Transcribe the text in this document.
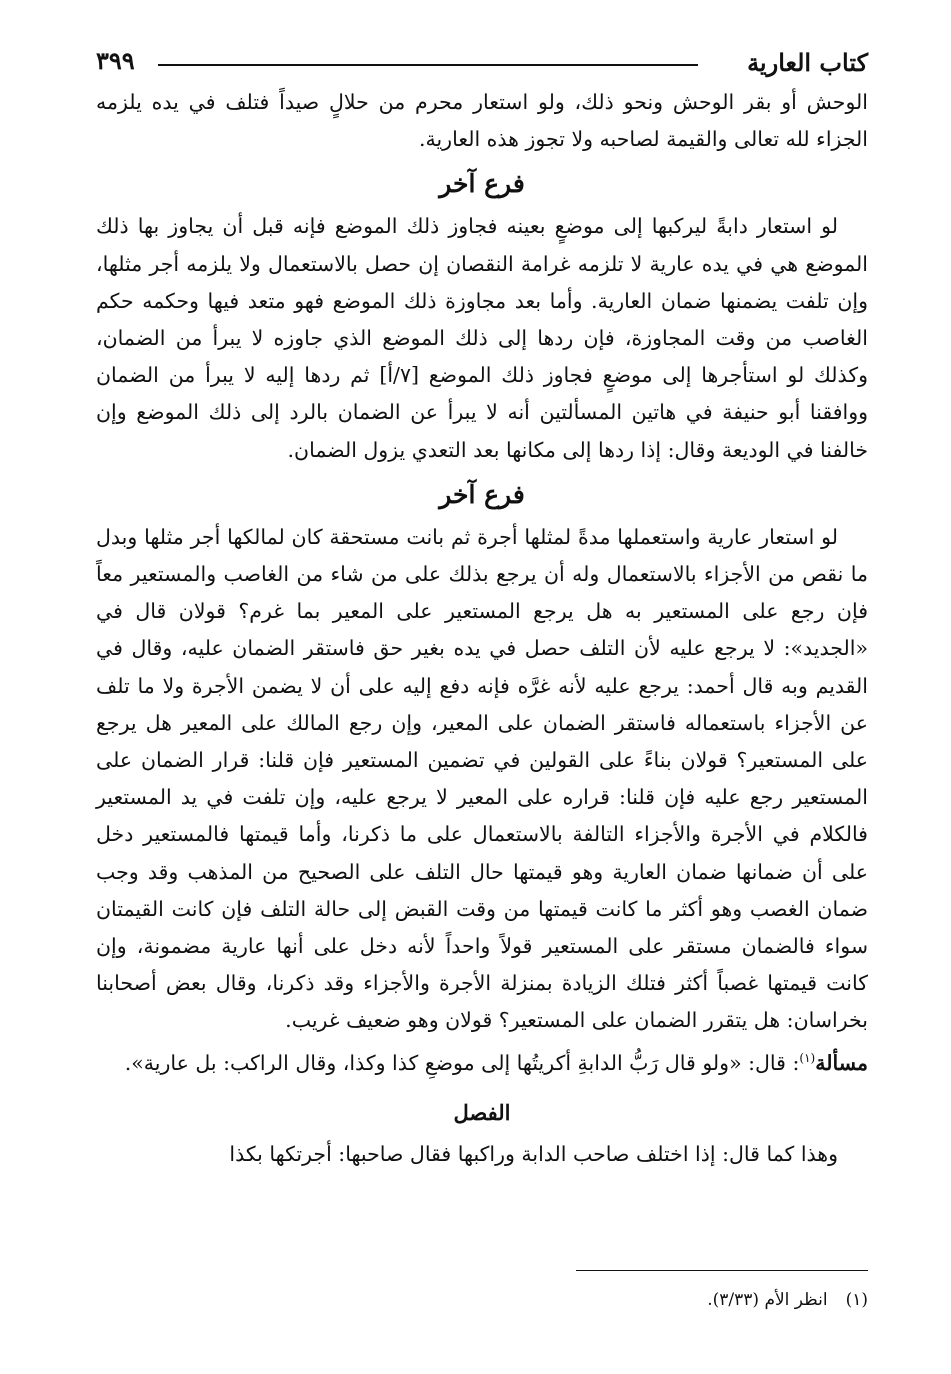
كتاب العارية
٣٩٩

الوحش أو بقر الوحش ونحو ذلك، ولو استعار محرم من حلالٍ صيداً فتلف في يده يلزمه الجزاء لله تعالى والقيمة لصاحبه ولا تجوز هذه العارية.

فرع آخر

لو استعار دابةً ليركبها إلى موضعٍ بعينه فجاوز ذلك الموضع فإنه قبل أن يجاوز بها ذلك الموضع هي في يده عارية لا تلزمه غرامة النقصان إن حصل بالاستعمال ولا يلزمه أجر مثلها، وإن تلفت يضمنها ضمان العارية. وأما بعد مجاوزة ذلك الموضع فهو متعد فيها وحكمه حكم الغاصب من وقت المجاوزة، فإن ردها إلى ذلك الموضع الذي جاوزه لا يبرأ من الضمان، وكذلك لو استأجرها إلى موضعٍ فجاوز ذلك الموضع [٧/أ] ثم ردها إليه لا يبرأ من الضمان ووافقنا أبو حنيفة في هاتين المسألتين أنه لا يبرأ عن الضمان بالرد إلى ذلك الموضع وإن خالفنا في الوديعة وقال: إذا ردها إلى مكانها بعد التعدي يزول الضمان.

فرع آخر

لو استعار عارية واستعملها مدةً لمثلها أجرة ثم بانت مستحقة كان لمالكها أجر مثلها وبدل ما نقص من الأجزاء بالاستعمال وله أن يرجع بذلك على من شاء من الغاصب والمستعير معاً فإن رجع على المستعير به هل يرجع المستعير على المعير بما غرم؟ قولان قال في «الجديد»: لا يرجع عليه لأن التلف حصل في يده بغير حق فاستقر الضمان عليه، وقال في القديم وبه قال أحمد: يرجع عليه لأنه غرَّه فإنه دفع إليه على أن لا يضمن الأجرة ولا ما تلف عن الأجزاء باستعماله فاستقر الضمان على المعير، وإن رجع المالك على المعير هل يرجع على المستعير؟ قولان بناءً على القولين في تضمين المستعير فإن قلنا: قرار الضمان على المستعير رجع عليه فإن قلنا: قراره على المعير لا يرجع عليه، وإن تلفت في يد المستعير فالكلام في الأجرة والأجزاء التالفة بالاستعمال على ما ذكرنا، وأما قيمتها فالمستعير دخل على أن ضمانها ضمان العارية وهو قيمتها حال التلف على الصحيح من المذهب وقد وجب ضمان الغصب وهو أكثر ما كانت قيمتها من وقت القبض إلى حالة التلف فإن كانت القيمتان سواء فالضمان مستقر على المستعير قولاً واحداً لأنه دخل على أنها عارية مضمونة، وإن كانت قيمتها غصباً أكثر فتلك الزيادة بمنزلة الأجرة والأجزاء وقد ذكرنا، وقال بعض أصحابنا بخراسان: هل يتقرر الضمان على المستعير؟ قولان وهو ضعيف غريب.

مسألة$^{(١)}$: قال: «ولو قال رَبُّ الدابةِ أكريتُها إلى موضعِ كذا وكذا، وقال الراكب: بل عارية».

الفصل

وهذا كما قال: إذا اختلف صاحب الدابة وراكبها فقال صاحبها: أجرتكها بكذا

(١)انظر الأم (٣/٣٣).
